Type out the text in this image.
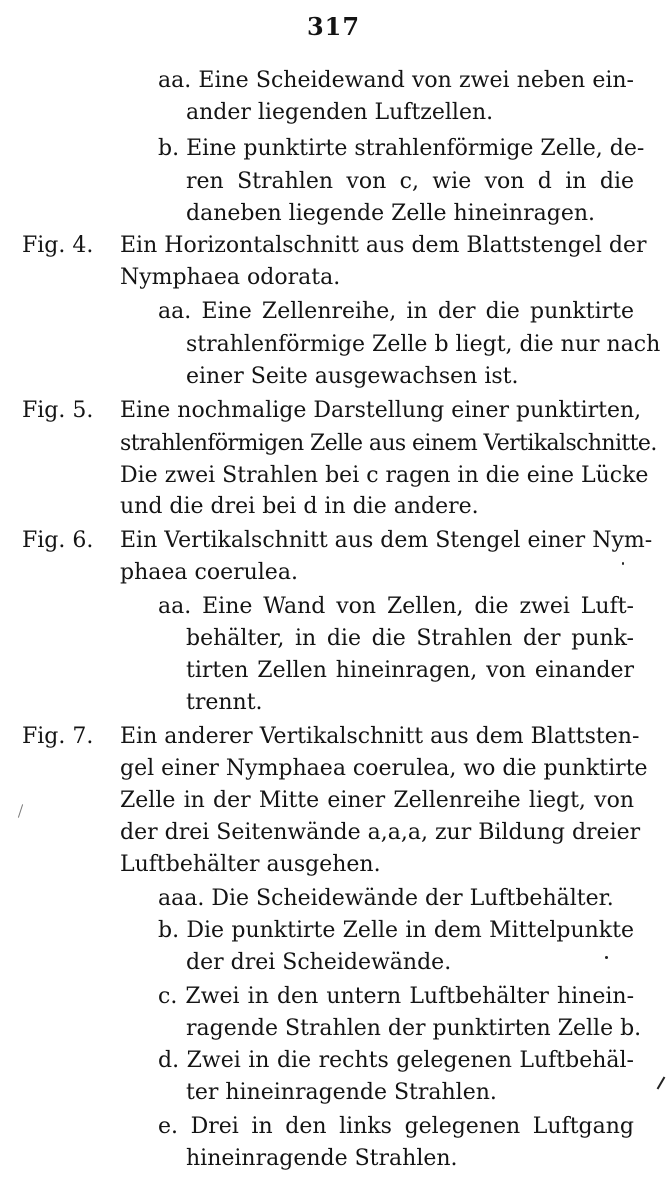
317
aa. Eine Scheidewand von zwei neben ein-
ander liegenden Luftzellen.
b. Eine punktirte strahlenförmige Zelle, de-
ren Strahlen von c, wie von d in die
daneben liegende Zelle hineinragen.
Fig. 4. Ein Horizontalschnitt aus dem Blattstengel der
Nymphaea odorata.
aa. Eine Zellenreihe, in der die punktirte
strahlenförmige Zelle b liegt, die nur nach
einer Seite ausgewachsen ist.
Fig. 5. Eine nochmalige Darstellung einer punktirten,
strahlenförmigen Zelle aus einem Vertikalschnitte.
Die zwei Strahlen bei c ragen in die eine Lücke
und die drei bei d in die andere.
Fig. 6. Ein Vertikalschnitt aus dem Stengel einer Nym-
phaea coerulea.
aa. Eine Wand von Zellen, die zwei Luft-
behälter, in die die Strahlen der punk-
tirten Zellen hineinragen, von einander
trennt.
Fig. 7. Ein anderer Vertikalschnitt aus dem Blattsten-
gel einer Nymphaea coerulea, wo die punktirte
Zelle in der Mitte einer Zellenreihe liegt, von
der drei Seitenwände a,a,a, zur Bildung dreier
Luftbehälter ausgehen.
aaa. Die Scheidewände der Luftbehälter.
b. Die punktirte Zelle in dem Mittelpunkte
der drei Scheidewände.
c. Zwei in den untern Luftbehälter hinein-
ragende Strahlen der punktirten Zelle b.
d. Zwei in die rechts gelegenen Luftbehäl-
ter hineinragende Strahlen.
e. Drei in den links gelegenen Luftgang
hineinragende Strahlen.
